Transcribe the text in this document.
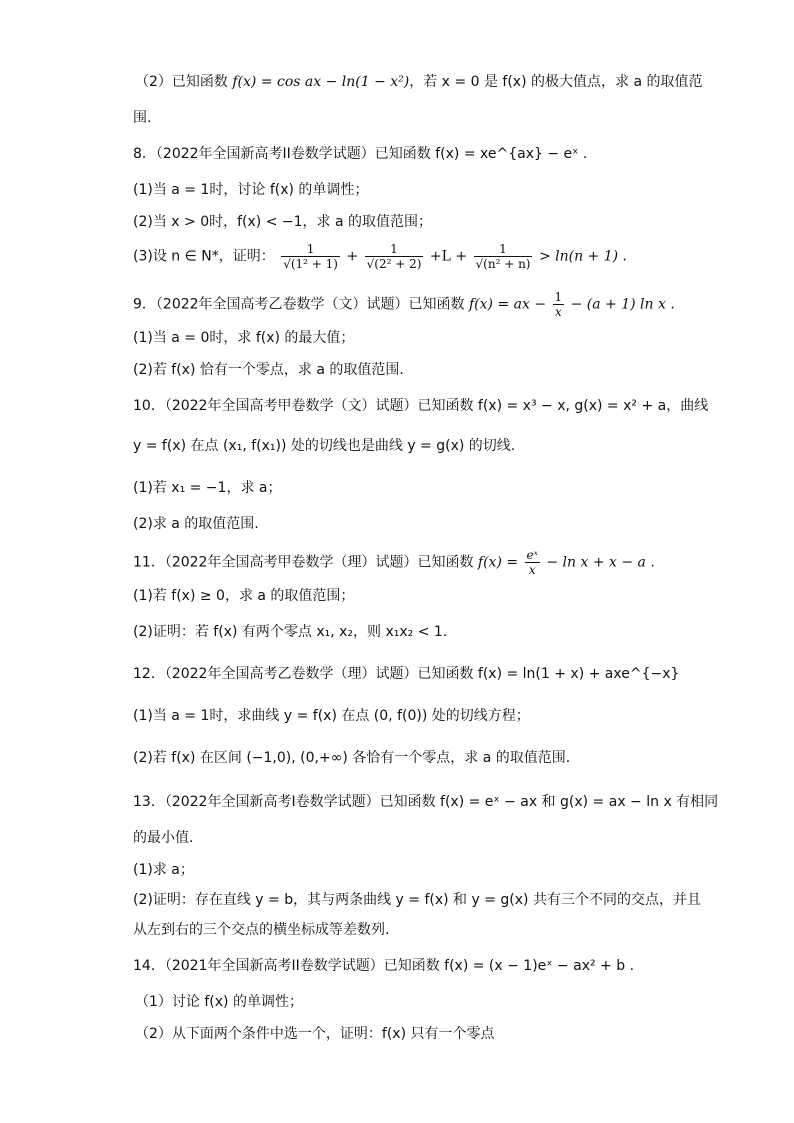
（2）已知函数 f(x) = cos ax − ln(1 − x²)，若 x = 0 是 f(x) 的极大值点，求 a 的取值范
围.
8．（2022年全国新高考II卷数学试题）已知函数 f(x) = xe^{ax} − eˣ .
(1)当 a = 1时，讨论 f(x) 的单调性；
(2)当 x > 0时，f(x) < −1，求 a 的取值范围；
(3)设 n ∈ N*，证明： $\frac{1}{\text{√(1² + 1)}} + \frac{1}{\text{√(2² + 2)}} +L + \frac{1}{\text{√(n² + n)}} > \ln(n + 1)$ .
9．（2022年全国高考乙卷数学（文）试题）已知函数 f(x) = ax − $\frac{1}{x} - (a + 1)$ ln x .
(1)当 a = 0时，求 f(x) 的最大值；
(2)若 f(x) 恰有一个零点，求 a 的取值范围.
10．（2022年全国高考甲卷数学（文）试题）已知函数 f(x) = x³ − x, g(x) = x² + a，曲线
y = f(x) 在点 (x₁, f(x₁)) 处的切线也是曲线 y = g(x) 的切线.
(1)若 x₁ = −1，求 a；
(2)求 a 的取值范围.
11．（2022年全国高考甲卷数学（理）试题）已知函数 $f(x) = \frac{\text{eˣ}}{x} - \ln x + x - a$ .
(1)若 f(x) ≥ 0，求 a 的取值范围；
(2)证明：若 f(x) 有两个零点 x₁, x₂，则 x₁x₂ < 1.
12．（2022年全国高考乙卷数学（理）试题）已知函数 f(x) = ln(1 + x) + axe^{−x}
(1)当 a = 1时，求曲线 y = f(x) 在点 (0, f(0)) 处的切线方程；
(2)若 f(x) 在区间 (−1,0), (0,+∞) 各恰有一个零点，求 a 的取值范围.
13．（2022年全国新高考I卷数学试题）已知函数 f(x) = eˣ − ax 和 g(x) = ax − ln x 有相同
的最小值.
(1)求 a；
(2)证明：存在直线 y = b，其与两条曲线 y = f(x) 和 y = g(x) 共有三个不同的交点，并且
从左到右的三个交点的横坐标成等差数列.
14．（2021年全国新高考II卷数学试题）已知函数 f(x) = (x − 1)eˣ − ax² + b .
（1）讨论 f(x) 的单调性；
（2）从下面两个条件中选一个，证明：f(x) 只有一个零点
